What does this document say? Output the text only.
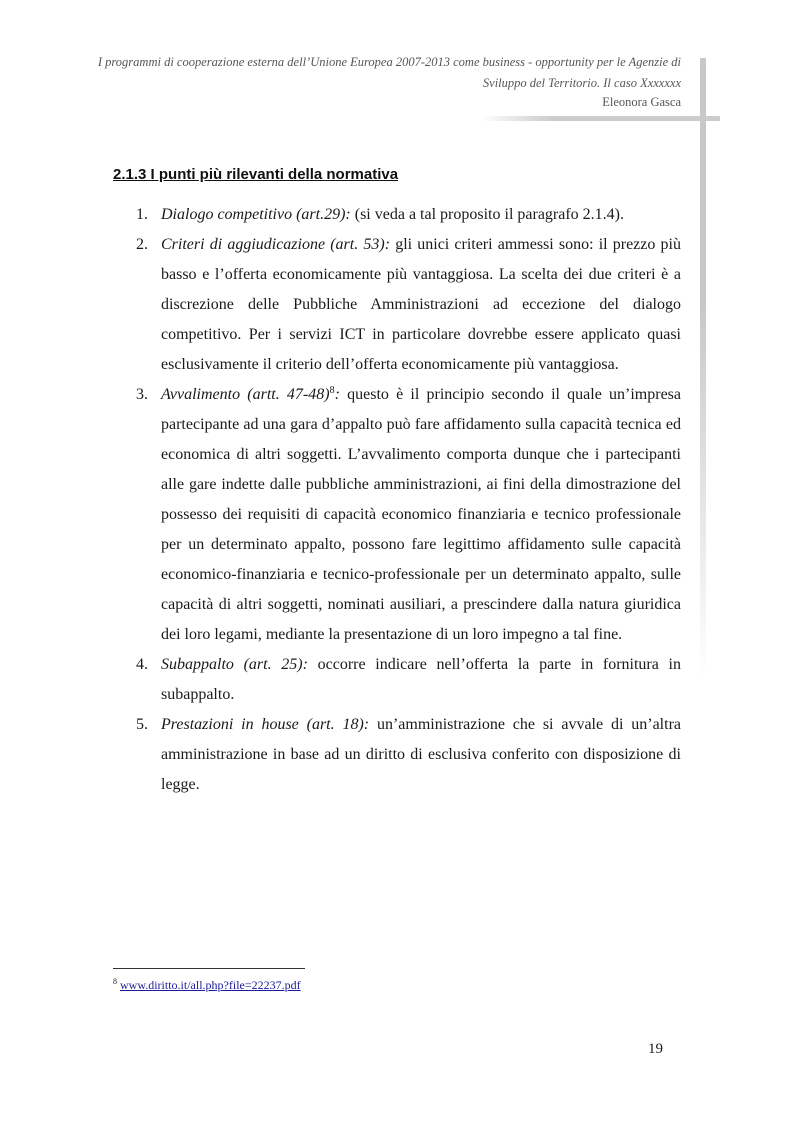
I programmi di cooperazione esterna dell’Unione Europea 2007-2013 come business - opportunity per le Agenzie di
Sviluppo del Territorio. Il caso Xxxxxxx
Eleonora Gasca
2.1.3 I punti più rilevanti della normativa
1. Dialogo competitivo (art.29): (si veda a tal proposito il paragrafo 2.1.4).
2. Criteri di aggiudicazione (art. 53): gli unici criteri ammessi sono: il prezzo più basso e l’offerta economicamente più vantaggiosa. La scelta dei due criteri è a discrezione delle Pubbliche Amministrazioni ad eccezione del dialogo competitivo. Per i servizi ICT in particolare dovrebbe essere applicato quasi esclusivamente il criterio dell’offerta economicamente più vantaggiosa.
3. Avvalimento (artt. 47-48)$^8$: questo è il principio secondo il quale un’impresa partecipante ad una gara d’appalto può fare affidamento sulla capacità tecnica ed economica di altri soggetti. L’avvalimento comporta dunque che i partecipanti alle gare indette dalle pubbliche amministrazioni, ai fini della dimostrazione del possesso dei requisiti di capacità economico finanziaria e tecnico professionale per un determinato appalto, possono fare legittimo affidamento sulle capacità economico-finanziaria e tecnico-professionale per un determinato appalto, sulle capacità di altri soggetti, nominati ausiliari, a prescindere dalla natura giuridica dei loro legami, mediante la presentazione di un loro impegno a tal fine.
4. Subappalto (art. 25): occorre indicare nell’offerta la parte in fornitura in subappalto.
5. Prestazioni in house (art. 18): un’amministrazione che si avvale di un’altra amministrazione in base ad un diritto di esclusiva conferito con disposizione di legge.
$^8$ www.diritto.it/all.php?file=22237.pdf
19
